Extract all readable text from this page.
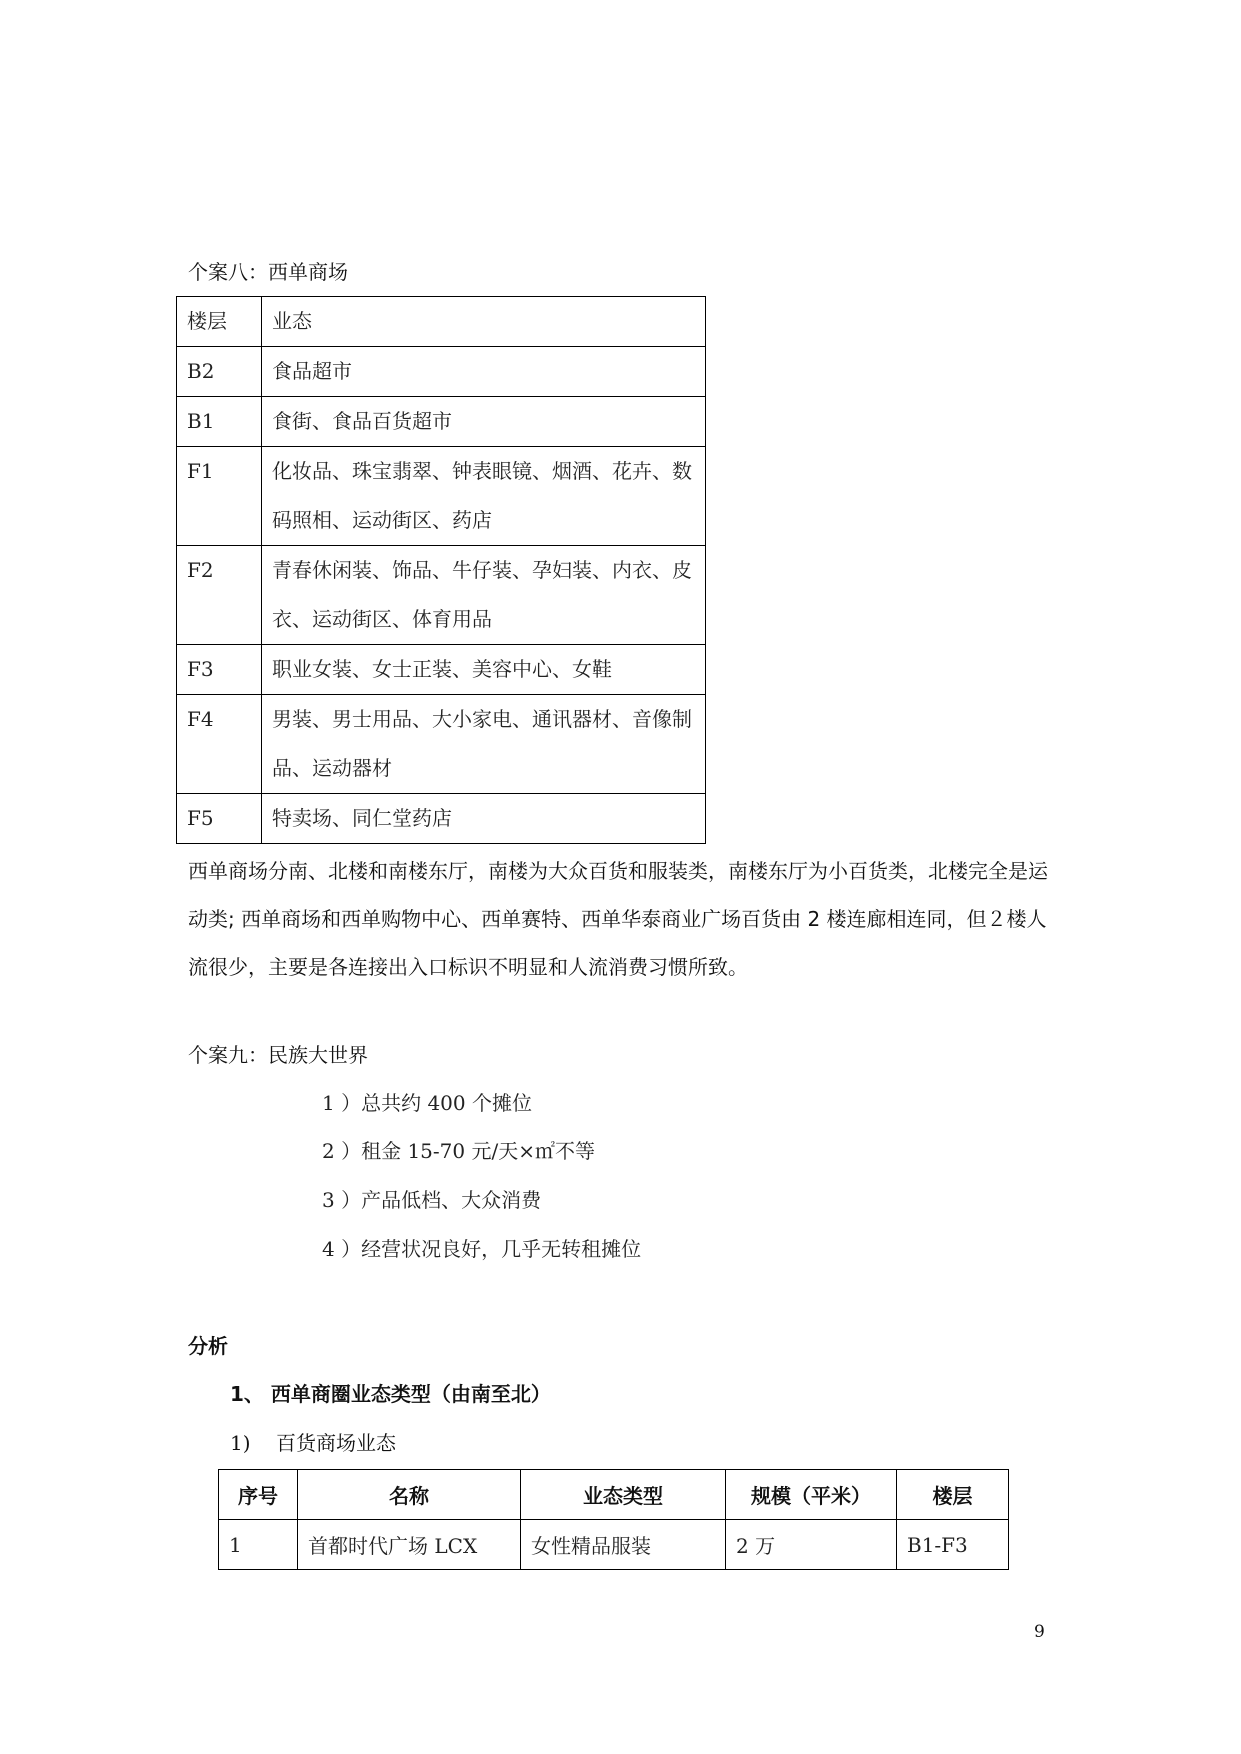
个案八：西单商场
楼层	业态
B2	食品超市
B1	食街、食品百货超市
F1	化妆品、珠宝翡翠、钟表眼镜、烟酒、花卉、数码照相、运动街区、药店
F2	青春休闲装、饰品、牛仔装、孕妇装、内衣、皮衣、运动街区、体育用品
F3	职业女装、女士正装、美容中心、女鞋
F4	男装、男士用品、大小家电、通讯器材、音像制品、运动器材
F5	特卖场、同仁堂药店
西单商场分南、北楼和南楼东厅，南楼为大众百货和服装类，南楼东厅为小百货类，北楼完全是运动类; 西单商场和西单购物中心、西单赛特、西单华泰商业广场百货由 2 楼连廊相连同，但２楼人流很少，主要是各连接出入口标识不明显和人流消费习惯所致。
个案九：民族大世界
1 ）总共约 400 个摊位
2 ）租金 15-70 元/天×㎡不等
3 ）产品低档、大众消费
4 ）经营状况良好，几乎无转租摊位
分析
1、 西单商圈业态类型（由南至北）
1)    百货商场业态
序号	名称	业态类型	规模（平米）	楼层
1	首都时代广场 LCX	女性精品服装	2 万	B1-F3
9
